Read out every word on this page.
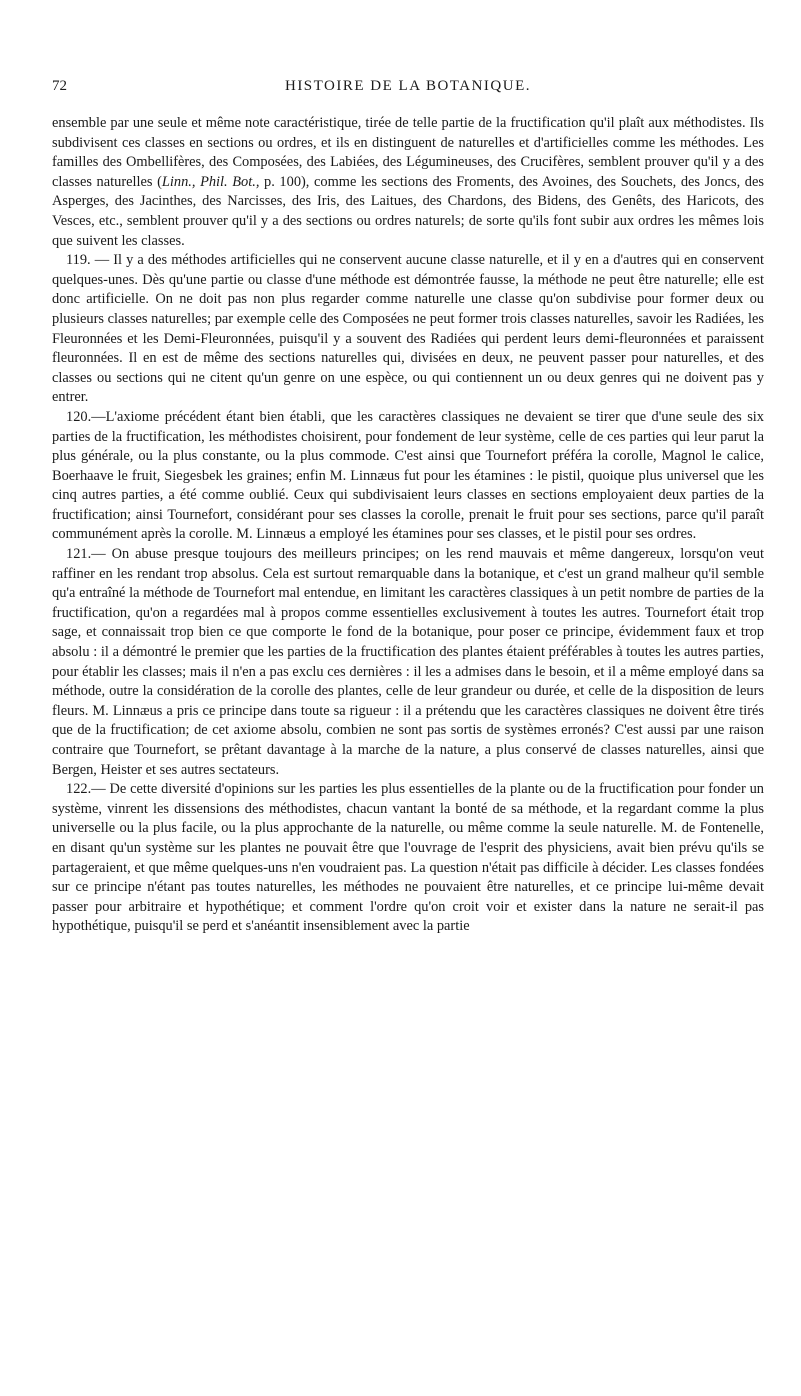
72	HISTOIRE DE LA BOTANIQUE.

ensemble par une seule et même note caractéristique, tirée de telle partie de la fructification qu'il plaît aux méthodistes. Ils subdivisent ces classes en sections ou ordres, et ils en distinguent de naturelles et d'artificielles comme les méthodes. Les familles des Ombellifères, des Composées, des Labiées, des Légumineuses, des Crucifères, semblent prouver qu'il y a des classes naturelles (Linn., Phil. Bot., p. 100), comme les sections des Froments, des Avoines, des Souchets, des Joncs, des Asperges, des Jacinthes, des Narcisses, des Iris, des Laitues, des Chardons, des Bidens, des Genêts, des Haricots, des Vesces, etc., semblent prouver qu'il y a des sections ou ordres naturels; de sorte qu'ils font subir aux ordres les mêmes lois que suivent les classes.

119. — Il y a des méthodes artificielles qui ne conservent aucune classe naturelle, et il y en a d'autres qui en conservent quelques-unes. Dès qu'une partie ou classe d'une méthode est démontrée fausse, la méthode ne peut être naturelle; elle est donc artificielle. On ne doit pas non plus regarder comme naturelle une classe qu'on subdivise pour former deux ou plusieurs classes naturelles; par exemple celle des Composées ne peut former trois classes naturelles, savoir les Radiées, les Fleuronnées et les Demi-Fleuronnées, puisqu'il y a souvent des Radiées qui perdent leurs demi-fleuronnées et paraissent fleuronnées. Il en est de même des sections naturelles qui, divisées en deux, ne peuvent passer pour naturelles, et des classes ou sections qui ne citent qu'un genre on une espèce, ou qui contiennent un ou deux genres qui ne doivent pas y entrer.

120.—L'axiome précédent étant bien établi, que les caractères classiques ne devaient se tirer que d'une seule des six parties de la fructification, les méthodistes choisirent, pour fondement de leur système, celle de ces parties qui leur parut la plus générale, ou la plus constante, ou la plus commode. C'est ainsi que Tournefort préféra la corolle, Magnol le calice, Boerhaave le fruit, Siegesbek les graines; enfin M. Linnæus fut pour les étamines : le pistil, quoique plus universel que les cinq autres parties, a été comme oublié. Ceux qui subdivisaient leurs classes en sections employaient deux parties de la fructification; ainsi Tournefort, considérant pour ses classes la corolle, prenait le fruit pour ses sections, parce qu'il paraît communément après la corolle. M. Linnæus a employé les étamines pour ses classes, et le pistil pour ses ordres.

121.— On abuse presque toujours des meilleurs principes; on les rend mauvais et même dangereux, lorsqu'on veut raffiner en les rendant trop absolus. Cela est surtout remarquable dans la botanique, et c'est un grand malheur qu'il semble qu'a entraîné la méthode de Tournefort mal entendue, en limitant les caractères classiques à un petit nombre de parties de la fructification, qu'on a regardées mal à propos comme essentielles exclusivement à toutes les autres. Tournefort était trop sage, et connaissait trop bien ce que comporte le fond de la botanique, pour poser ce principe, évidemment faux et trop absolu : il a démontré le premier que les parties de la fructification des plantes étaient préférables à toutes les autres parties, pour établir les classes; mais il n'en a pas exclu ces dernières : il les a admises dans le besoin, et il a même employé dans sa méthode, outre la considération de la corolle des plantes, celle de leur grandeur ou durée, et celle de la disposition de leurs fleurs. M. Linnæus a pris ce principe dans toute sa rigueur : il a prétendu que les caractères classiques ne doivent être tirés que de la fructification; de cet axiome absolu, combien ne sont pas sortis de systèmes erronés? C'est aussi par une raison contraire que Tournefort, se prêtant davantage à la marche de la nature, a plus conservé de classes naturelles, ainsi que Bergen, Heister et ses autres sectateurs.

122.— De cette diversité d'opinions sur les parties les plus essentielles de la plante ou de la fructification pour fonder un système, vinrent les dissensions des méthodistes, chacun vantant la bonté de sa méthode, et la regardant comme la plus universelle ou la plus facile, ou la plus approchante de la naturelle, ou même comme la seule naturelle. M. de Fontenelle, en disant qu'un système sur les plantes ne pouvait être que l'ouvrage de l'esprit des physiciens, avait bien prévu qu'ils se partageraient, et que même quelques-uns n'en voudraient pas. La question n'était pas difficile à décider. Les classes fondées sur ce principe n'étant pas toutes naturelles, les méthodes ne pouvaient être naturelles, et ce principe lui-même devait passer pour arbitraire et hypothétique; et comment l'ordre qu'on croit voir et exister dans la nature ne serait-il pas hypothétique, puisqu'il se perd et s'anéantit insensiblement avec la partie
